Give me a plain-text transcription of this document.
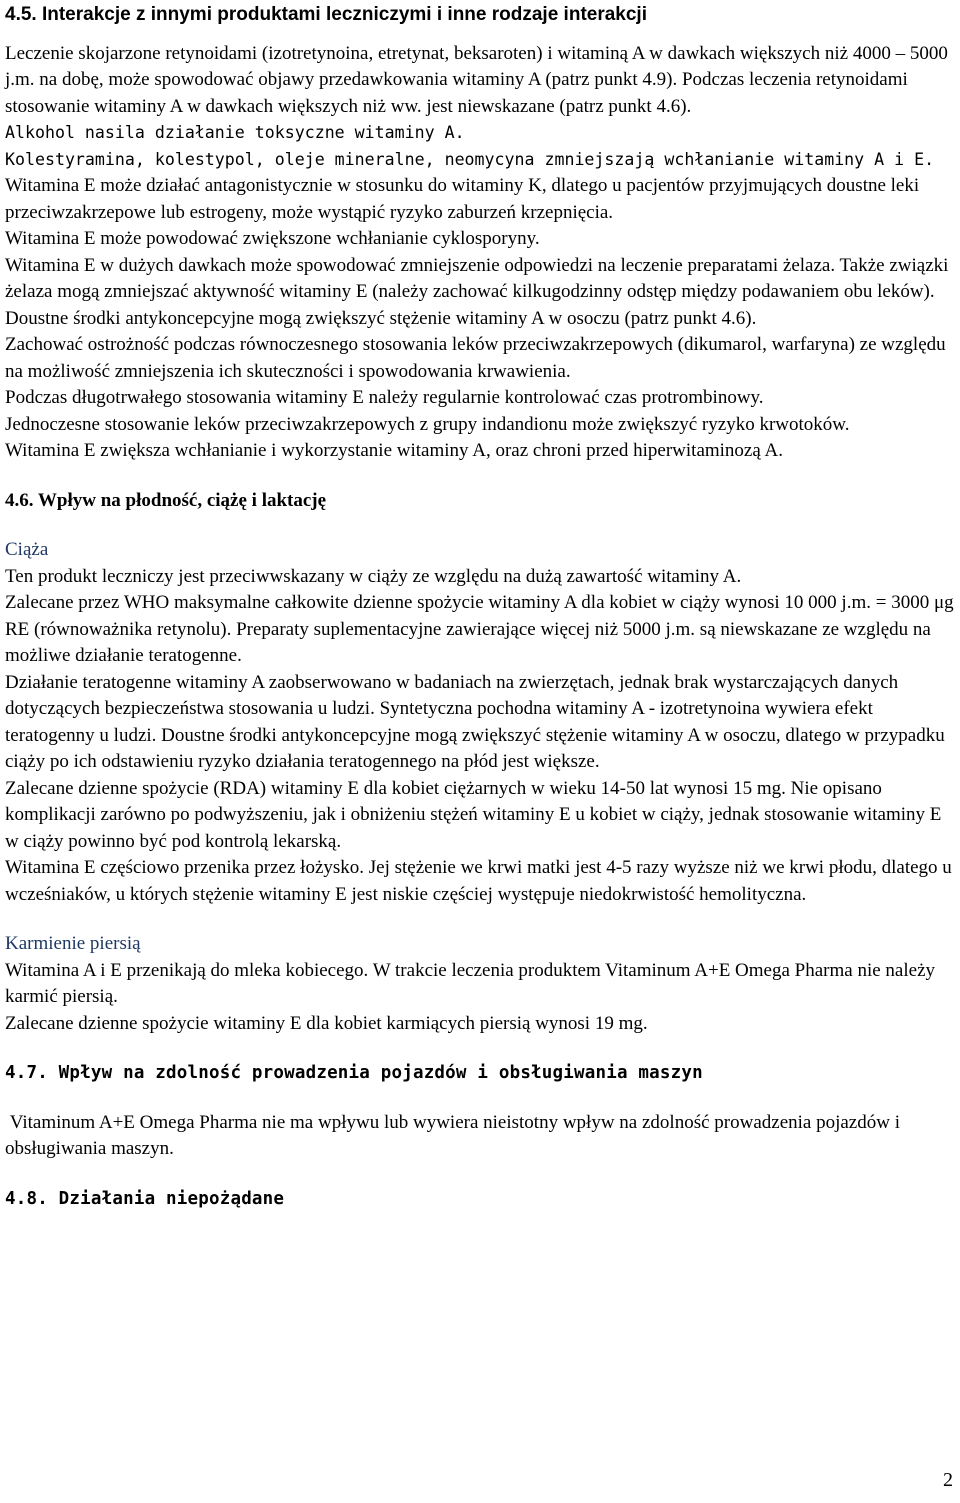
4.5. Interakcje z innymi produktami leczniczymi i inne rodzaje interakcji

Leczenie skojarzone retynoidami (izotretynoina, etretynat, beksaroten) i witaminą A w dawkach większych niż 4000 – 5000 j.m. na dobę, może spowodować objawy przedawkowania witaminy A (patrz punkt 4.9). Podczas leczenia retynoidami stosowanie witaminy A w dawkach większych niż ww. jest niewskazane (patrz punkt 4.6).

Alkohol nasila działanie toksyczne witaminy A.

Kolestyramina, kolestypol, oleje mineralne, neomycyna zmniejszają wchłanianie witaminy A i E.

Witamina E może działać antagonistycznie w stosunku do witaminy K, dlatego u pacjentów przyjmujących doustne leki przeciwzakrzepowe lub estrogeny, może wystąpić ryzyko zaburzeń krzepnięcia.

Witamina E może powodować zwiększone wchłanianie cyklosporyny.

Witamina E w dużych dawkach może spowodować zmniejszenie odpowiedzi na leczenie preparatami żelaza. Także związki żelaza mogą zmniejszać aktywność witaminy E (należy zachować kilkugodzinny odstęp między podawaniem obu leków).

Doustne środki antykoncepcyjne mogą zwiększyć stężenie witaminy A w osoczu (patrz punkt 4.6).

Zachować ostrożność podczas równoczesnego stosowania leków przeciwzakrzepowych (dikumarol, warfaryna) ze względu na możliwość zmniejszenia ich skuteczności i spowodowania krwawienia.

Podczas długotrwałego stosowania witaminy E należy regularnie kontrolować czas protrombinowy.

Jednoczesne stosowanie leków przeciwzakrzepowych z grupy indandionu może zwiększyć ryzyko krwotoków.

Witamina E zwiększa wchłanianie i wykorzystanie witaminy A, oraz chroni przed hiperwitaminozą A.

4.6. Wpływ na płodność, ciążę i laktację

Ciąża

Ten produkt leczniczy jest przeciwwskazany w ciąży ze względu na dużą zawartość witaminy A.

Zalecane przez WHO maksymalne całkowite dzienne spożycie witaminy A dla kobiet w ciąży wynosi 10 000 j.m. = 3000 μg RE (równoważnika retynolu). Preparaty suplementacyjne zawierające więcej niż 5000 j.m. są niewskazane ze względu na możliwe działanie teratogenne.

Działanie teratogenne witaminy A zaobserwowano w badaniach na zwierzętach, jednak brak wystarczających danych dotyczących bezpieczeństwa stosowania u ludzi. Syntetyczna pochodna witaminy A - izotretynoina wywiera efekt teratogenny u ludzi. Doustne środki antykoncepcyjne mogą zwiększyć stężenie witaminy A w osoczu, dlatego w przypadku ciąży po ich odstawieniu ryzyko działania teratogennego na płód jest większe.

Zalecane dzienne spożycie (RDA) witaminy E dla kobiet ciężarnych w wieku 14-50 lat wynosi 15 mg. Nie opisano komplikacji zarówno po podwyższeniu, jak i obniżeniu stężeń witaminy E u kobiet w ciąży, jednak stosowanie witaminy E w ciąży powinno być pod kontrolą lekarską.

Witamina E częściowo przenika przez łożysko. Jej stężenie we krwi matki jest 4-5 razy wyższe niż we krwi płodu, dlatego u wcześniaków, u których stężenie witaminy E jest niskie częściej występuje niedokrwistość hemolityczna.

Karmienie piersią

Witamina A i E przenikają do mleka kobiecego. W trakcie leczenia produktem Vitaminum A+E Omega Pharma nie należy karmić piersią.

Zalecane dzienne spożycie witaminy E dla kobiet karmiących piersią wynosi 19 mg.

4.7. Wpływ na zdolność prowadzenia pojazdów i obsługiwania maszyn

Vitaminum A+E Omega Pharma nie ma wpływu lub wywiera nieistotny wpływ na zdolność prowadzenia pojazdów i obsługiwania maszyn.

4.8. Działania niepożądane
2
